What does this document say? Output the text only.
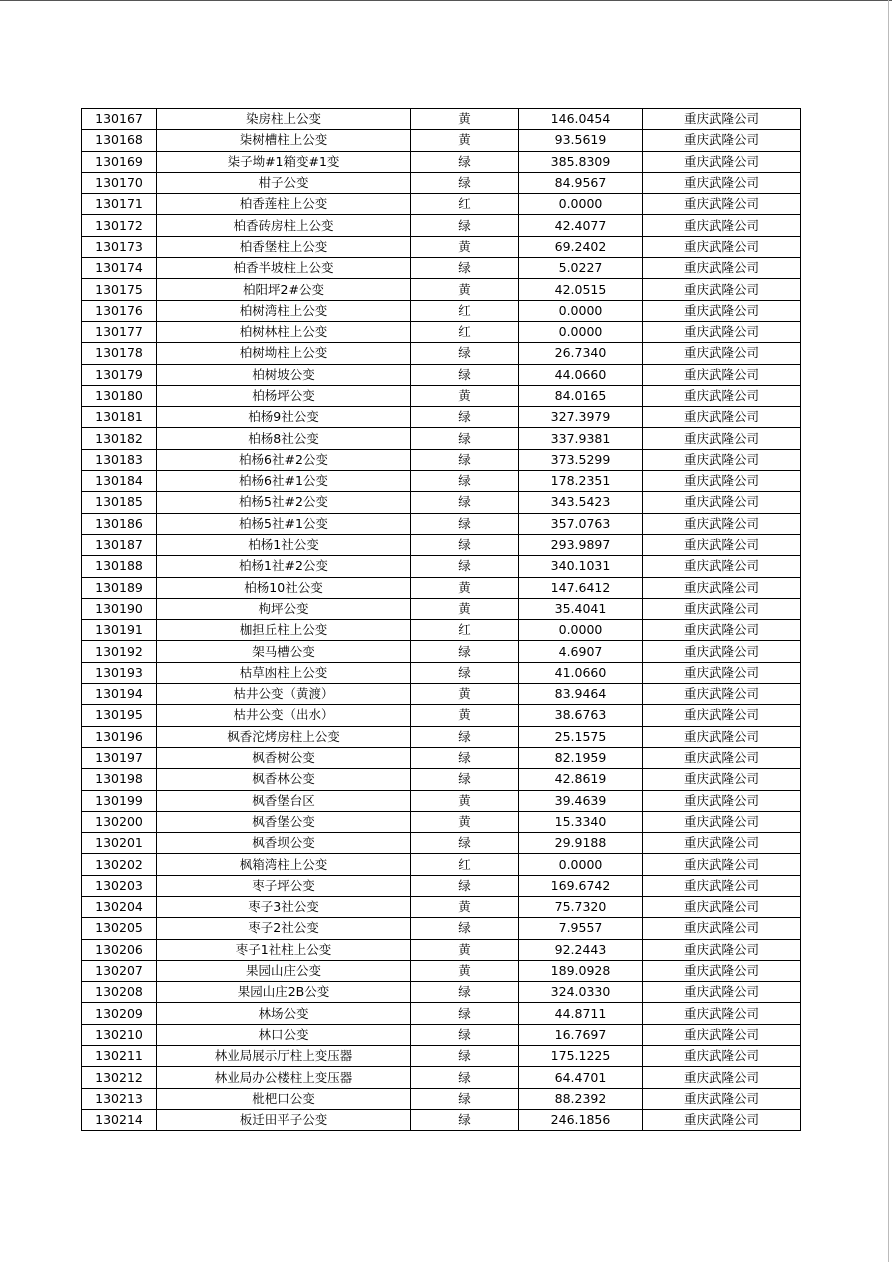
130167	染房柱上公变	黄	146.0454	重庆武隆公司
130168	柒树槽柱上公变	黄	93.5619	重庆武隆公司
130169	柒子坳#1箱变#1变	绿	385.8309	重庆武隆公司
130170	柑子公变	绿	84.9567	重庆武隆公司
130171	柏香莲柱上公变	红	0.0000	重庆武隆公司
130172	柏香砖房柱上公变	绿	42.4077	重庆武隆公司
130173	柏香堡柱上公变	黄	69.2402	重庆武隆公司
130174	柏香半坡柱上公变	绿	5.0227	重庆武隆公司
130175	柏阳坪2#公变	黄	42.0515	重庆武隆公司
130176	柏树湾柱上公变	红	0.0000	重庆武隆公司
130177	柏树林柱上公变	红	0.0000	重庆武隆公司
130178	柏树坳柱上公变	绿	26.7340	重庆武隆公司
130179	柏树坡公变	绿	44.0660	重庆武隆公司
130180	柏杨坪公变	黄	84.0165	重庆武隆公司
130181	柏杨9社公变	绿	327.3979	重庆武隆公司
130182	柏杨8社公变	绿	337.9381	重庆武隆公司
130183	柏杨6社#2公变	绿	373.5299	重庆武隆公司
130184	柏杨6社#1公变	绿	178.2351	重庆武隆公司
130185	柏杨5社#2公变	绿	343.5423	重庆武隆公司
130186	柏杨5社#1公变	绿	357.0763	重庆武隆公司
130187	柏杨1社公变	绿	293.9897	重庆武隆公司
130188	柏杨1社#2公变	绿	340.1031	重庆武隆公司
130189	柏杨10社公变	黄	147.6412	重庆武隆公司
130190	枸坪公变	黄	35.4041	重庆武隆公司
130191	枷担丘柱上公变	红	0.0000	重庆武隆公司
130192	架马槽公变	绿	4.6907	重庆武隆公司
130193	枯草凼柱上公变	绿	41.0660	重庆武隆公司
130194	枯井公变（黄渡）	黄	83.9464	重庆武隆公司
130195	枯井公变（出水）	黄	38.6763	重庆武隆公司
130196	枫香沱烤房柱上公变	绿	25.1575	重庆武隆公司
130197	枫香树公变	绿	82.1959	重庆武隆公司
130198	枫香林公变	绿	42.8619	重庆武隆公司
130199	枫香堡台区	黄	39.4639	重庆武隆公司
130200	枫香堡公变	黄	15.3340	重庆武隆公司
130201	枫香坝公变	绿	29.9188	重庆武隆公司
130202	枫箱湾柱上公变	红	0.0000	重庆武隆公司
130203	枣子坪公变	绿	169.6742	重庆武隆公司
130204	枣子3社公变	黄	75.7320	重庆武隆公司
130205	枣子2社公变	绿	7.9557	重庆武隆公司
130206	枣子1社柱上公变	黄	92.2443	重庆武隆公司
130207	果园山庄公变	黄	189.0928	重庆武隆公司
130208	果园山庄2B公变	绿	324.0330	重庆武隆公司
130209	林场公变	绿	44.8711	重庆武隆公司
130210	林口公变	绿	16.7697	重庆武隆公司
130211	林业局展示厅柱上变压器	绿	175.1225	重庆武隆公司
130212	林业局办公楼柱上变压器	绿	64.4701	重庆武隆公司
130213	枇杷口公变	绿	88.2392	重庆武隆公司
130214	板迁田平子公变	绿	246.1856	重庆武隆公司
